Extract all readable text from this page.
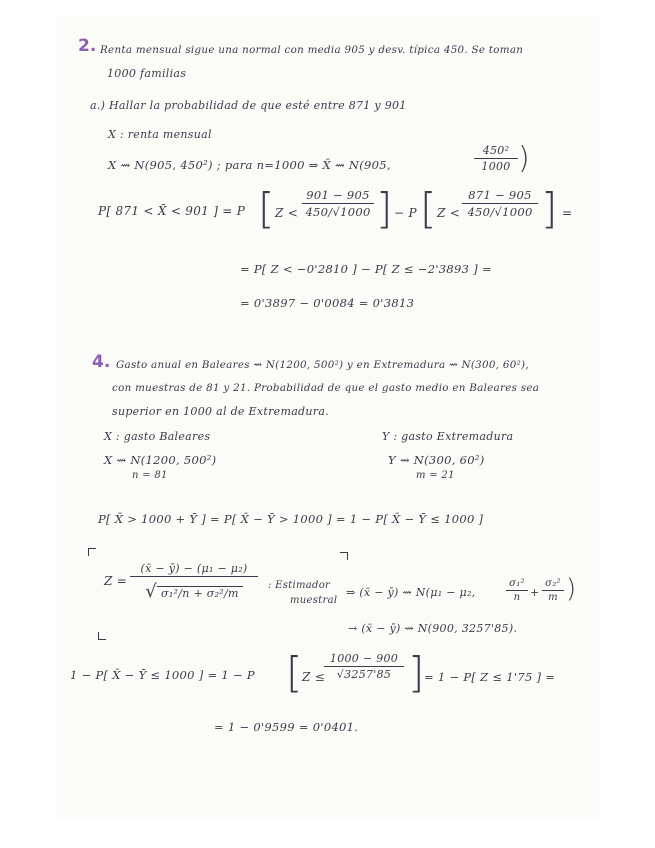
2. Renta mensual sigue una normal con media 905 y desv. típica 450. Se toman
1000 familias
a.) Hallar la probabilidad de que esté entre 871 y 901
X : renta mensual
X ⇝ N(905, 450²) ; para n=1000 ⇒ X̄ ⇝ N(905,
450²
1000 )
P[ 871 < X̄ < 901 ] = P [ Z <
901 − 905
450/√1000 ] − P [ Z <
871 − 905
450/√1000 ] =
= P[ Z < −0'2810 ] − P[ Z ≤ −2'3893 ] =
= 0'3897 − 0'0084 = 0'3813
4. Gasto anual en Baleares ⇝ N(1200, 500²) y en Extremadura ⇝ N(300, 60²),
con muestras de 81 y 21. Probabilidad de que el gasto medio en Baleares sea
superior en 1000 al de Extremadura.
X : gasto Baleares	Y : gasto Extremadura
X ⇝ N(1200, 500²)
n = 81
Y ⇝ N(300, 60²)
m = 21
P[ X̄ > 1000 + Ȳ ] = P[ X̄ − Ȳ > 1000 ] = 1 − P[ X̄ − Ȳ ≤ 1000 ]
Z =
(x̄ − ȳ) − (μ₁ − μ₂)
√ σ₁²/n + σ₂²/m
: Estimador
muestral
⇒ (x̄ − ȳ) ⇝ N(μ₁ − μ₂,
σ₁²
n +
σ₂²
m )
→ (x̄ − ȳ) ⇝ N(900, 3257'85).
1 − P[ X̄ − Ȳ ≤ 1000 ] = 1 − P [ Z ≤
1000 − 900
√3257'85 ] = 1 − P[ Z ≤ 1'75 ] =
= 1 − 0'9599 = 0'0401.
